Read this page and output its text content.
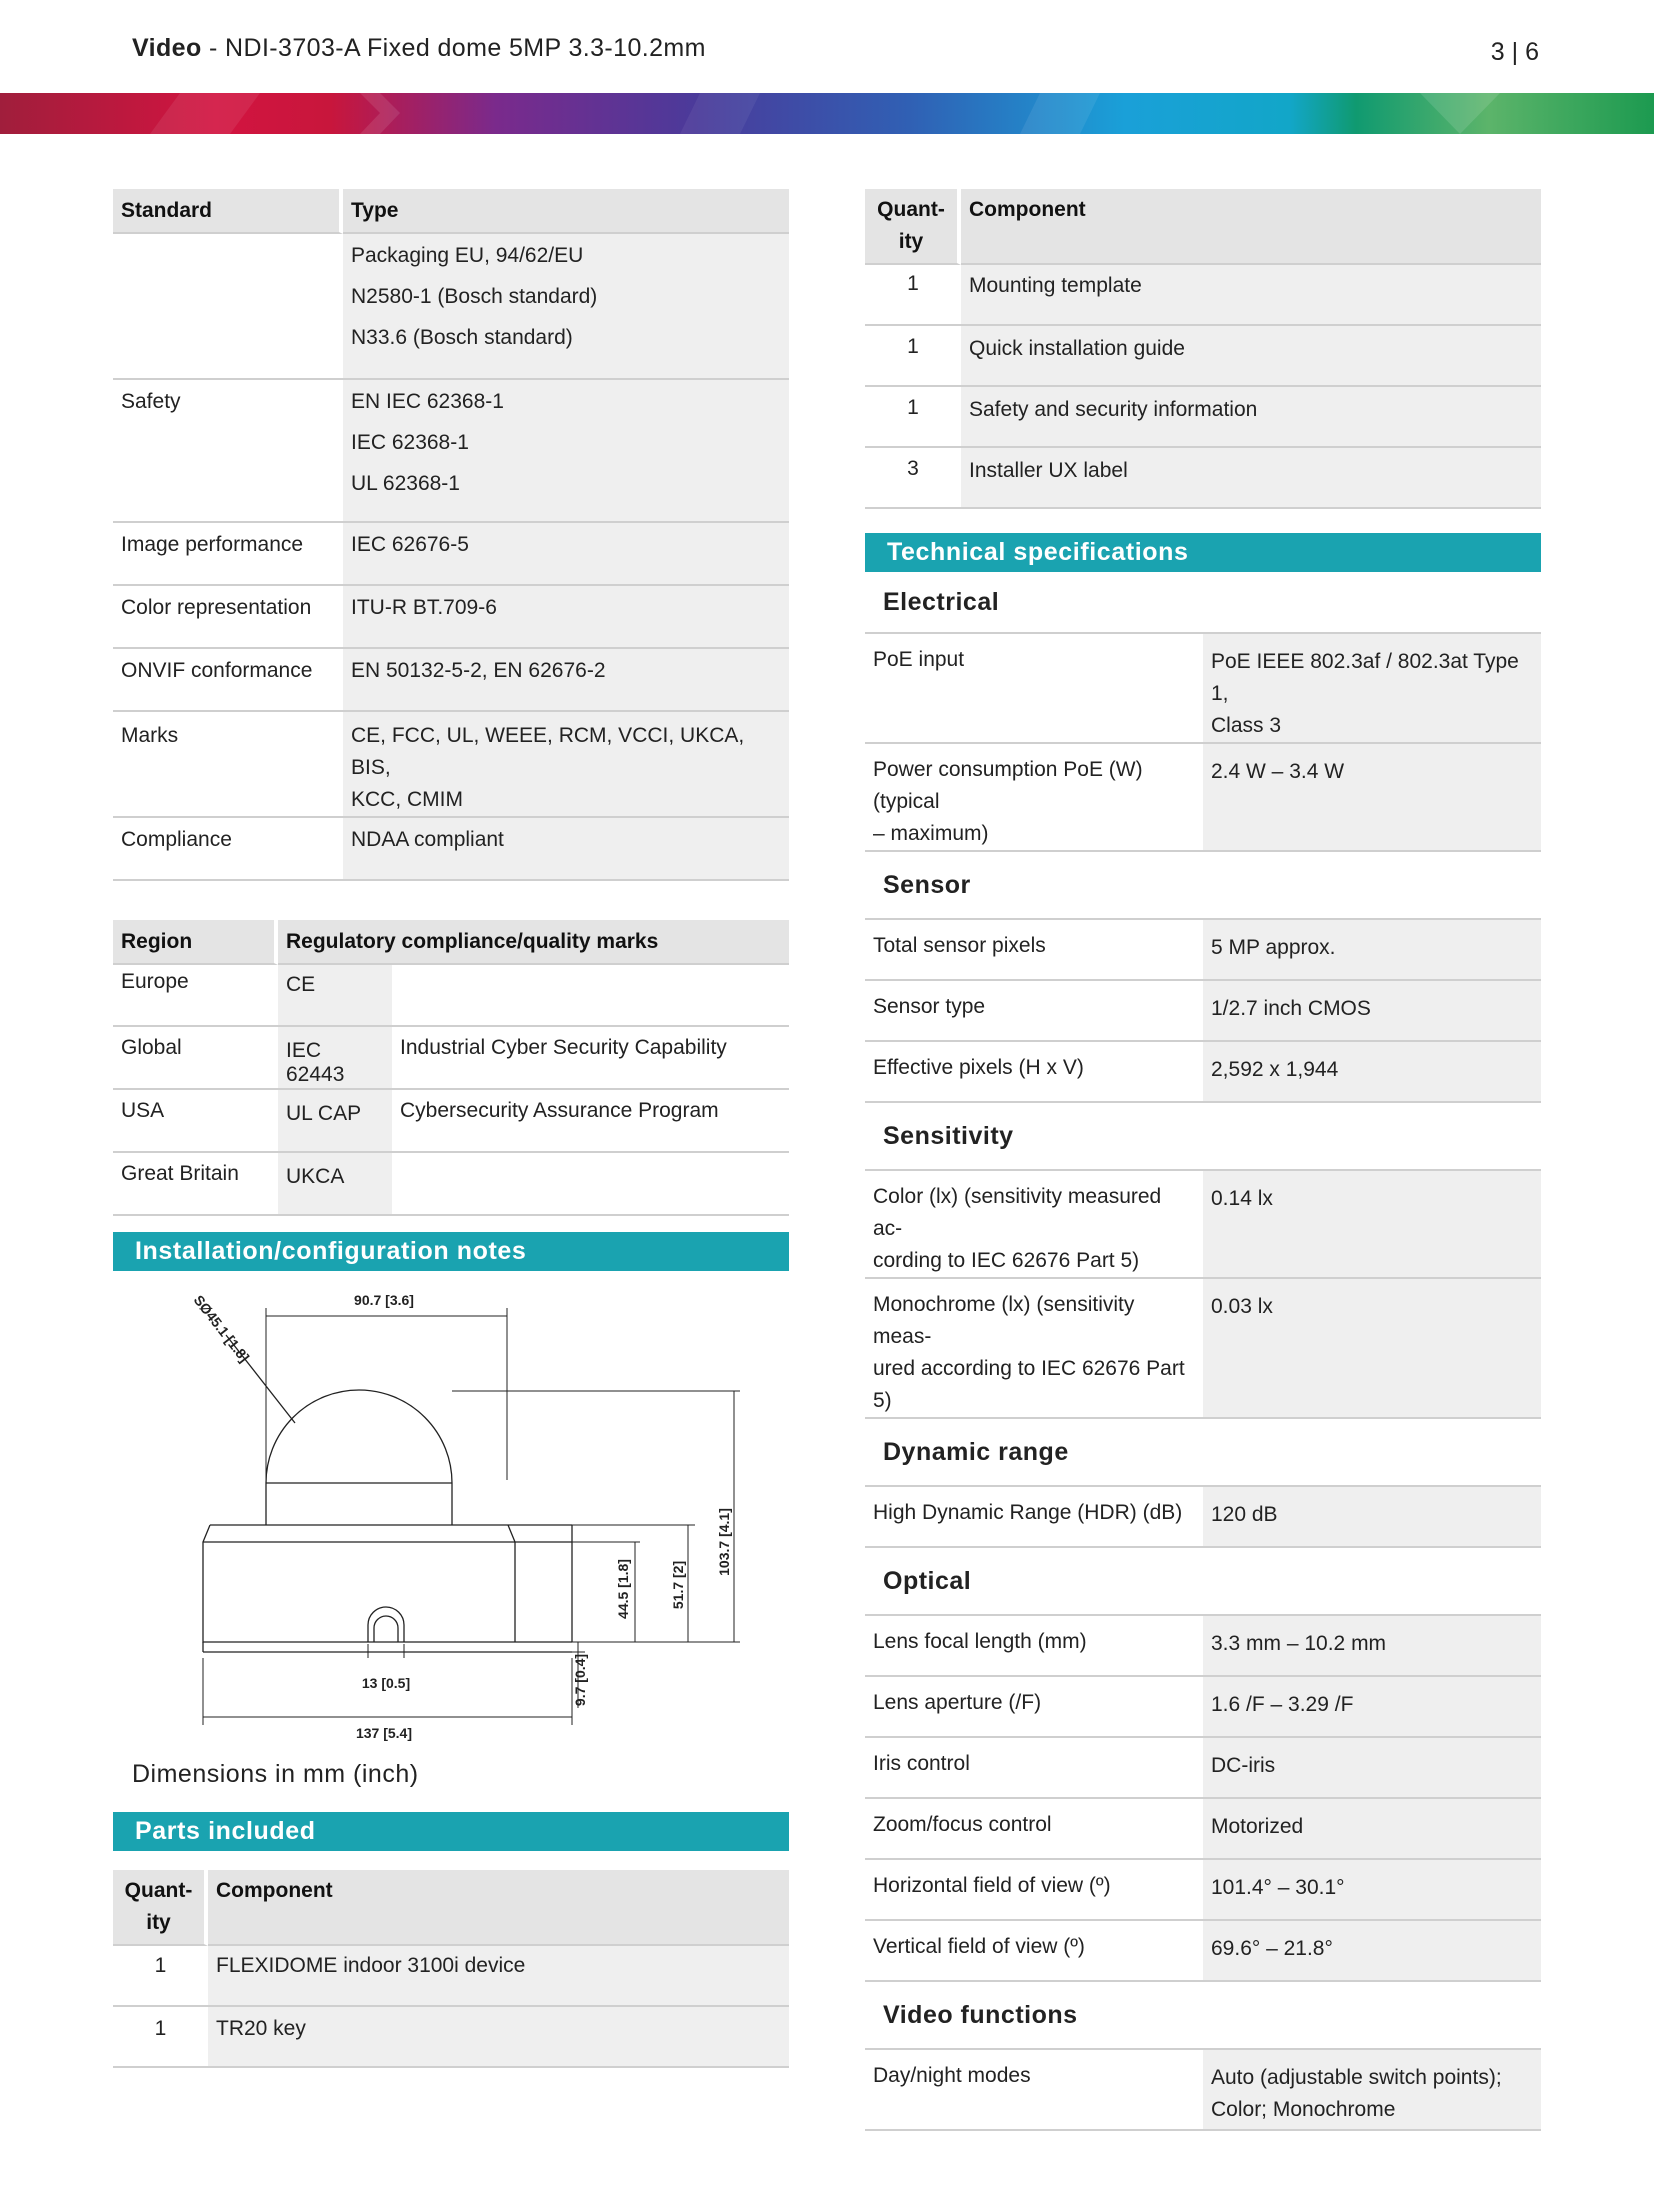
Video - NDI-3703-A Fixed dome 5MP 3.3-10.2mm	3 | 6
Standard	Type

	Packaging EU, 94/62/EU
N2580-1 (Bosch standard)
N33.6 (Bosch standard)

Safety	EN IEC 62368-1
IEC 62368-1
UL 62368-1

Image performance	IEC 62676-5

Color representation	ITU-R BT.709-6

ONVIF conformance	EN 50132-5-2, EN 62676-2

Marks	CE, FCC, UL, WEEE, RCM, VCCI, UKCA, BIS,
KCC, CMIM

Compliance	NDAA compliant
Region	Regulatory compliance/quality marks	
Europe	CE	
Global	IEC 62443	Industrial Cyber Security Capability
USA	UL CAP	Cybersecurity Assurance Program
Great Britain	UKCA	
Installation/configuration notes
90.7 [3.6]
SØ45.1 [1.8]
103.7 [4.1]
51.7 [2]
44.5 [1.8]
9.7 [0.4]
13 [0.5]
137 [5.4]
Dimensions in mm (inch)
Parts included
Quant-
ity	Component
1	FLEXIDOME indoor 3100i device
1	TR20 key
Quant-
ity	Component
1	Mounting template
1	Quick installation guide
1	Safety and security information
3	Installer UX label
Technical specifications
Electrical
PoE input	PoE IEEE 802.3af / 802.3at Type 1,
Class 3

Power consumption PoE (W) (typical
– maximum)	2.4 W – 3.4 W
Sensor
Total sensor pixels	5 MP approx.

Sensor type	1/2.7 inch CMOS

Effective pixels (H x V)	2,592 x 1,944
Sensitivity
Color (lx) (sensitivity measured ac-
cording to IEC 62676 Part 5)	0.14 lx

Monochrome (lx) (sensitivity meas-
ured according to IEC 62676 Part 5)	0.03 lx
Dynamic range
High Dynamic Range (HDR) (dB)	120 dB
Optical
Lens focal length (mm)	3.3 mm – 10.2 mm

Lens aperture (/F)	1.6 /F – 3.29 /F

Iris control	DC-iris

Zoom/focus control	Motorized

Horizontal field of view (º)	101.4° – 30.1°

Vertical field of view (º)	69.6° – 21.8°
Video functions
Day/night modes	Auto (adjustable switch points);
Color; Monochrome
